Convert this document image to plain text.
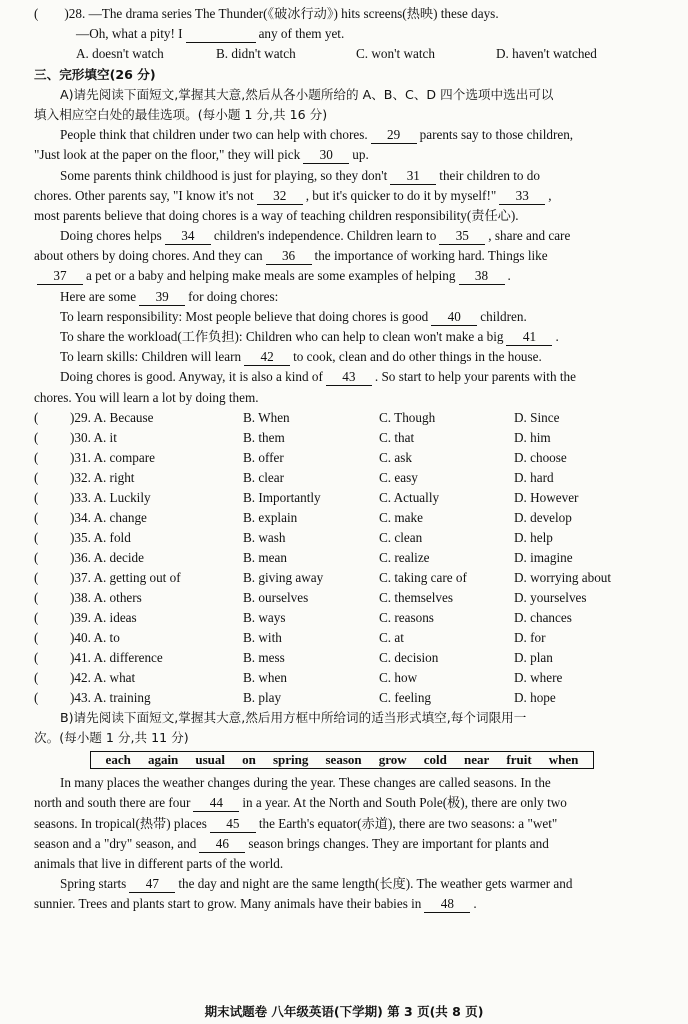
( )28. —The drama series The Thunder(《破冰行动》) hits screens(热映) these days.
—Oh, what a pity! I	any of them yet.
A. doesn't watch	B. didn't watch	C. won't watch	D. haven't watched
三、完形填空(26 分)
A)请先阅读下面短文,掌握其大意,然后从各小题所给的 A、B、C、D 四个选项中选出可以
填入相应空白处的最佳选项。(每小题 1 分,共 16 分)
People think that children under two can help with chores. 29 parents say to those children,
"Just look at the paper on the floor," they will pick 30 up.
Some parents think childhood is just for playing, so they don't 31 their children to do
chores. Other parents say, "I know it's not 32 , but it's quicker to do it by myself!" 33 ,
most parents believe that doing chores is a way of teaching children responsibility(责任心).
Doing chores helps 34 children's independence. Children learn to 35 , share and care
about others by doing chores. And they can 36 the importance of working hard. Things like
37 a pet or a baby and helping make meals are some examples of helping 38 .
Here are some 39 for doing chores:
To learn responsibility: Most people believe that doing chores is good 40 children.
To share the workload(工作负担): Children who can help to clean won't make a big 41 .
To learn skills: Children will learn 42 to cook, clean and do other things in the house.
Doing chores is good. Anyway, it is also a kind of 43 . So start to help your parents with the
chores. You will learn a lot by doing them.
(	)29. A. Because	B. When	C. Though	D. Since
(	)30. A. it	B. them	C. that	D. him
(	)31. A. compare	B. offer	C. ask	D. choose
(	)32. A. right	B. clear	C. easy	D. hard
(	)33. A. Luckily	B. Importantly	C. Actually	D. However
(	)34. A. change	B. explain	C. make	D. develop
(	)35. A. fold	B. wash	C. clean	D. help
(	)36. A. decide	B. mean	C. realize	D. imagine
(	)37. A. getting out of	B. giving away	C. taking care of	D. worrying about
(	)38. A. others	B. ourselves	C. themselves	D. yourselves
(	)39. A. ideas	B. ways	C. reasons	D. chances
(	)40. A. to	B. with	C. at	D. for
(	)41. A. difference	B. mess	C. decision	D. plan
(	)42. A. what	B. when	C. how	D. where
(	)43. A. training	B. play	C. feeling	D. hope
B)请先阅读下面短文,掌握其大意,然后用方框中所给词的适当形式填空,每个词限用一
次。(每小题 1 分,共 11 分)
each again usual on spring season grow cold near fruit when
In many places the weather changes during the year. These changes are called seasons. In the
north and south there are four 44 in a year. At the North and South Pole(极), there are only two
seasons. In tropical(热带) places 45 the Earth's equator(赤道), there are two seasons: a "wet"
season and a "dry" season, and 46 season brings changes. They are important for plants and
animals that live in different parts of the world.
Spring starts 47 the day and night are the same length(长度). The weather gets warmer and
sunnier. Trees and plants start to grow. Many animals have their babies in 48 .
期末试题卷 八年级英语(下学期) 第 3 页(共 8 页)
